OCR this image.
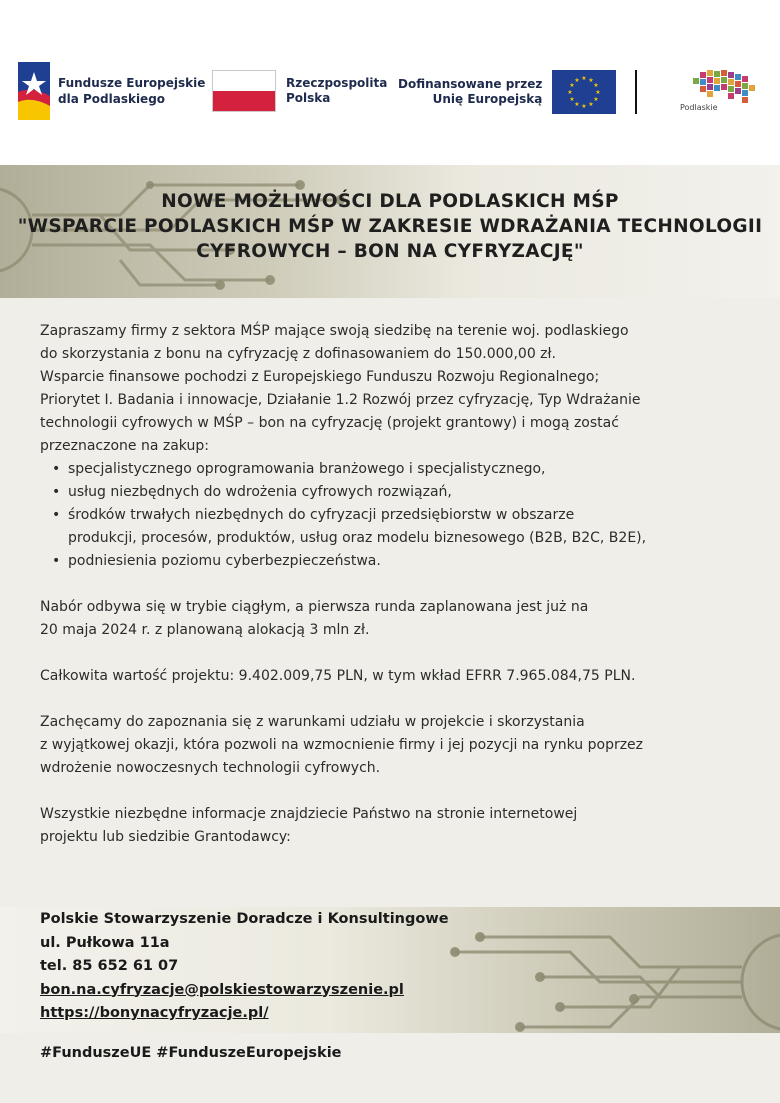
Fundusze Europejskie
dla Podlaskiego
Rzeczpospolita
Polska
Dofinansowane przez
Unię Europejską
★ ★
★
★
★
★
★
★
★
★
★
★
Podlaskie
NOWE MOŻLIWOŚCI DLA PODLASKICH MŚP
"WSPARCIE PODLASKICH MŚP W ZAKRESIE WDRAŻANIA TECHNOLOGII
CYFROWYCH – BON NA CYFRYZACJĘ"

Zapraszamy firmy z sektora MŚP mające swoją siedzibę na terenie woj. podlaskiego
do skorzystania z bonu na cyfryzację z dofinasowaniem do 150.000,00 zł.
Wsparcie finansowe pochodzi z Europejskiego Funduszu Rozwoju Regionalnego;
Priorytet I. Badania i innowacje, Działanie 1.2 Rozwój przez cyfryzację, Typ Wdrażanie
technologii cyfrowych w MŚP – bon na cyfryzację (projekt grantowy) i mogą zostać
przeznaczone na zakup:

• specjalistycznego oprogramowania branżowego i specjalistycznego,
• usług niezbędnych do wdrożenia cyfrowych rozwiązań,
• środków trwałych niezbędnych do cyfryzacji przedsiębiorstw w obszarze
produkcji, procesów, produktów, usług oraz modelu biznesowego (B2B, B2C, B2E),
• podniesienia poziomu cyberbezpieczeństwa.

Nabór odbywa się w trybie ciągłym, a pierwsza runda zaplanowana jest już na
20 maja 2024 r. z planowaną alokacją 3 mln zł.

Całkowita wartość projektu: 9.402.009,75 PLN, w tym wkład EFRR 7.965.084,75 PLN.

Zachęcamy do zapoznania się z warunkami udziału w projekcie i skorzystania
z wyjątkowej okazji, która pozwoli na wzmocnienie firmy i jej pozycji na rynku poprzez
wdrożenie nowoczesnych technologii cyfrowych.

Wszystkie niezbędne informacje znajdziecie Państwo na stronie internetowej
projektu lub siedzibie Grantodawcy:

Polskie Stowarzyszenie Doradcze i Konsultingowe
ul. Pułkowa 11a
tel. 85 652 61 07
bon.na.cyfryzacje@polskiestowarzyszenie.pl
https://bonynacyfryzacje.pl/
#FunduszeUE #FunduszeEuropejskie
